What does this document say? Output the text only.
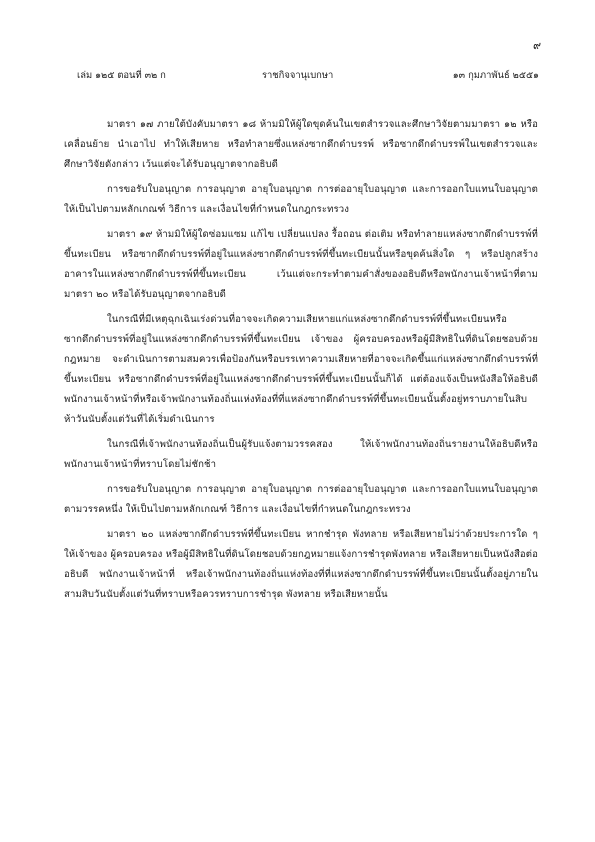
๙
เล่ม ๑๒๕ ตอนที่ ๓๒ ก	ราชกิจจานุเบกษา	๑๓ กุมภาพันธ์ ๒๕๕๑

มาตรา ๑๗ ภายใต้บังคับมาตรา ๑๘ ห้ามมิให้ผู้ใดขุดค้นในเขตสำรวจและศึกษาวิจัยตามมาตรา ๑๒ หรือเคลื่อนย้าย นำเอาไป ทำให้เสียหาย หรือทำลายซึ่งแหล่งซากดึกดำบรรพ์ หรือซากดึกดำบรรพ์ในเขตสำรวจและศึกษาวิจัยดังกล่าว เว้นแต่จะได้รับอนุญาตจากอธิบดี

การขอรับใบอนุญาต การอนุญาต อายุใบอนุญาต การต่ออายุใบอนุญาต และการออกใบแทนใบอนุญาต ให้เป็นไปตามหลักเกณฑ์ วิธีการ และเงื่อนไขที่กำหนดในกฎกระทรวง

มาตรา ๑๙ ห้ามมิให้ผู้ใดซ่อมแซม แก้ไข เปลี่ยนแปลง รื้อถอน ต่อเติม หรือทำลายแหล่งซากดึกดำบรรพ์ที่ขึ้นทะเบียน หรือซากดึกดำบรรพ์ที่อยู่ในแหล่งซากดึกดำบรรพ์ที่ขึ้นทะเบียนนั้นหรือขุดค้นสิ่งใด ๆ หรือปลูกสร้างอาคารในแหล่งซากดึกดำบรรพ์ที่ขึ้นทะเบียน เว้นแต่จะกระทำตามคำสั่งของอธิบดีหรือพนักงานเจ้าหน้าที่ตามมาตรา ๒๐ หรือได้รับอนุญาตจากอธิบดี

ในกรณีที่มีเหตุฉุกเฉินเร่งด่วนที่อาจจะเกิดความเสียหายแก่แหล่งซากดึกดำบรรพ์ที่ขึ้นทะเบียนหรือซากดึกดำบรรพ์ที่อยู่ในแหล่งซากดึกดำบรรพ์ที่ขึ้นทะเบียน เจ้าของ ผู้ครอบครองหรือผู้มีสิทธิในที่ดินโดยชอบด้วยกฎหมาย จะดำเนินการตามสมควรเพื่อป้องกันหรือบรรเทาความเสียหายที่อาจจะเกิดขึ้นแก่แหล่งซากดึกดำบรรพ์ที่ขึ้นทะเบียน หรือซากดึกดำบรรพ์ที่อยู่ในแหล่งซากดึกดำบรรพ์ที่ขึ้นทะเบียนนั้นก็ได้ แต่ต้องแจ้งเป็นหนังสือให้อธิบดี พนักงานเจ้าหน้าที่หรือเจ้าพนักงานท้องถิ่นแห่งท้องที่ที่แหล่งซากดึกดำบรรพ์ที่ขึ้นทะเบียนนั้นตั้งอยู่ทราบภายในสิบห้าวันนับตั้งแต่วันที่ได้เริ่มดำเนินการ

ในกรณีที่เจ้าพนักงานท้องถิ่นเป็นผู้รับแจ้งตามวรรคสอง ให้เจ้าพนักงานท้องถิ่นรายงานให้อธิบดีหรือพนักงานเจ้าหน้าที่ทราบโดยไม่ชักช้า

การขอรับใบอนุญาต การอนุญาต อายุใบอนุญาต การต่ออายุใบอนุญาต และการออกใบแทนใบอนุญาตตามวรรคหนึ่ง ให้เป็นไปตามหลักเกณฑ์ วิธีการ และเงื่อนไขที่กำหนดในกฎกระทรวง

มาตรา ๒๐ แหล่งซากดึกดำบรรพ์ที่ขึ้นทะเบียน หากชำรุด พังทลาย หรือเสียหายไม่ว่าด้วยประการใด ๆ ให้เจ้าของ ผู้ครอบครอง หรือผู้มีสิทธิในที่ดินโดยชอบด้วยกฎหมายแจ้งการชำรุดพังทลาย หรือเสียหายเป็นหนังสือต่ออธิบดี พนักงานเจ้าหน้าที่ หรือเจ้าพนักงานท้องถิ่นแห่งท้องที่ที่แหล่งซากดึกดำบรรพ์ที่ขึ้นทะเบียนนั้นตั้งอยู่ภายในสามสิบวันนับตั้งแต่วันที่ทราบหรือควรทราบการชำรุด พังทลาย หรือเสียหายนั้น
